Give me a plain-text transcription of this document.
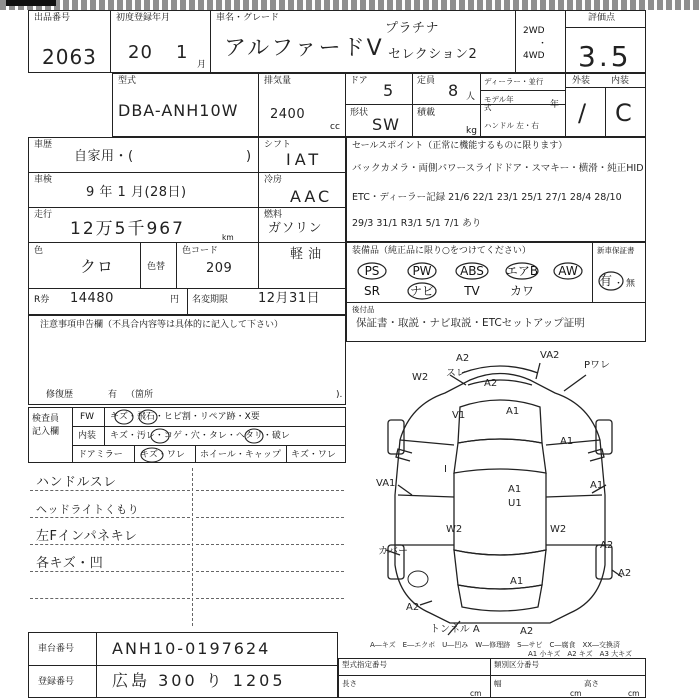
出品番号
2063
初度登録年月
20 1
月
車名・グレード
アルファードV
プラチナ
セレクション2
2WD
・
4WD
評価点
3.5
型式
DBA-ANH10W
排気量
2400
cc
ドア 5	定員 8 人
ディーラー・並行
モデル年式	年
ハンドル 左・右
形状
SW
積載
kg
外装 内装
/ C
車歴
自家用・(	)
シフト
IAT
車検
9 年 1 月(28日)
冷房
AAC
走行
12万5千967	km
燃料
ガソリン
軽 油
色
クロ	色替
色コード
209
R券 14480	円 名変期限 12月31日
セールスポイント（正常に機能するものに限ります）
バックカメラ・両側パワースライドドア・スマキー・横滑・純正HID
ETC・ディーラー記録 21/6 22/1 23/1 25/1 27/1 28/4 28/10
29/3 31/1 R3/1 5/1 7/1 あり
装備品（純正品に限り○をつけてください）	新車保証書
PS	PW	ABS	エアB	AW
SR	ナビ	TV	カワ
有 ・ 無
後付品
保証書・取説・ナビ取説・ETCセットアップ証明
注意事項申告欄（不具合内容等は具体的に記入して下さい）
修復歴	有 （箇所	).
検査員
記入欄
FW キズ・飛石・ヒビ割・リペア跡・X要
内装 キズ・汚レ・コゲ・穴・タレ・ヘタリ・破レ
ドアミラー キズ・ワレ ホイール・キャップ キズ・ワレ
ハンドルスレ
ヘッドライトくもり
左Fインパネキレ
各キズ・凹
A2	VA2
スレ
W2
Pワレ
A2
A1
V1
A1
VA1
I
A1
U1
W2	W2
カバー
A1
A2
A2
トンネル A	A2
A1
A2
A―キズ　E―エクボ　U―凹み　W―修理跡　S―サビ　C―腐食　XX―交換済
A1 小キズ　A2 キズ　A3 大キズ
車台番号 ANH10-0197624
登録番号 広島 300 り 1205
型式指定番号	類別区分番号
長さ
cm
幅
cm
高さ
cm
